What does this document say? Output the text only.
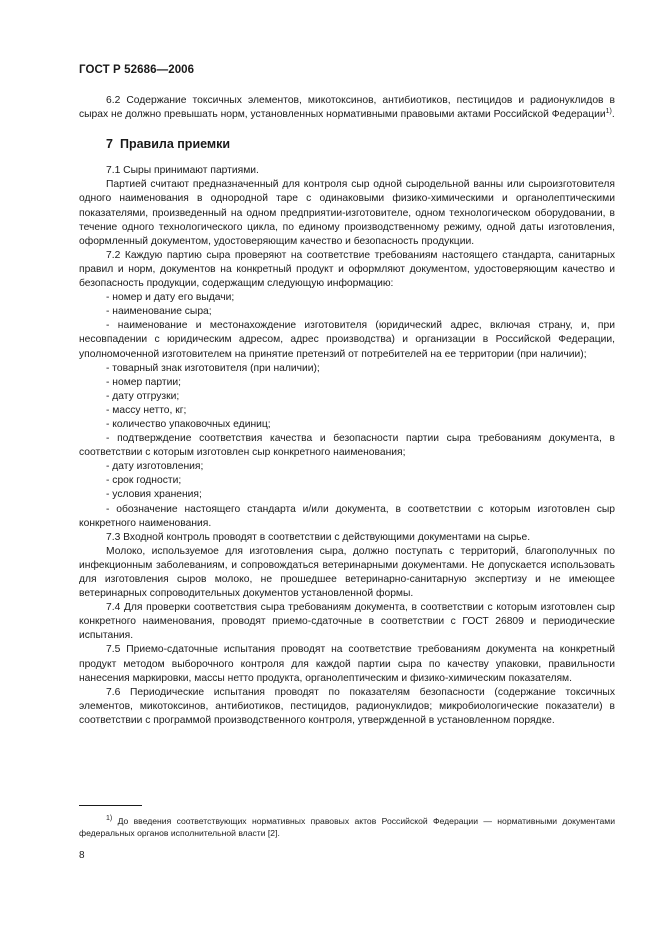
ГОСТ Р 52686—2006

6.2 Содержание токсичных элементов, микотоксинов, антибиотиков, пестицидов и радионуклидов в сырах не должно превышать норм, установленных нормативными правовыми актами Российской Федерации$^{1)}$.

7 Правила приемки

7.1 Сыры принимают партиями.

Партией считают предназначенный для контроля сыр одной сыродельной ванны или сыроизготовителя одного наименования в однородной таре с одинаковыми физико-химическими и органолептическими показателями, произведенный на одном предприятии-изготовителе, одном технологическом оборудовании, в течение одного технологического цикла, по единому производственному режиму, одной даты изготовления, оформленный документом, удостоверяющим качество и безопасность продукции.

7.2 Каждую партию сыра проверяют на соответствие требованиям настоящего стандарта, санитарных правил и норм, документов на конкретный продукт и оформляют документом, удостоверяющим качество и безопасность продукции, содержащим следующую информацию:

- номер и дату его выдачи;

- наименование сыра;

- наименование и местонахождение изготовителя (юридический адрес, включая страну, и, при несовпадении с юридическим адресом, адрес производства) и организации в Российской Федерации, уполномоченной изготовителем на принятие претензий от потребителей на ее территории (при наличии);

- товарный знак изготовителя (при наличии);

- номер партии;

- дату отгрузки;

- массу нетто, кг;

- количество упаковочных единиц;

- подтверждение соответствия качества и безопасности партии сыра требованиям документа, в соответствии с которым изготовлен сыр конкретного наименования;

- дату изготовления;

- срок годности;

- условия хранения;

- обозначение настоящего стандарта и/или документа, в соответствии с которым изготовлен сыр конкретного наименования.

7.3 Входной контроль проводят в соответствии с действующими документами на сырье.

Молоко, используемое для изготовления сыра, должно поступать с территорий, благополучных по инфекционным заболеваниям, и сопровождаться ветеринарными документами. Не допускается использовать для изготовления сыров молоко, не прошедшее ветеринарно-санитарную экспертизу и не имеющее ветеринарных сопроводительных документов установленной формы.

7.4 Для проверки соответствия сыра требованиям документа, в соответствии с которым изготовлен сыр конкретного наименования, проводят приемо-сдаточные в соответствии с ГОСТ 26809 и периодические испытания.

7.5 Приемо-сдаточные испытания проводят на соответствие требованиям документа на конкретный продукт методом выборочного контроля для каждой партии сыра по качеству упаковки, правильности нанесения маркировки, массы нетто продукта, органолептическим и физико-химическим показателям.

7.6 Периодические испытания проводят по показателям безопасности (содержание токсичных элементов, микотоксинов, антибиотиков, пестицидов, радионуклидов; микробиологические показатели) в соответствии с программой производственного контроля, утвержденной в установленном порядке.

$^{1)}$ До введения соответствующих нормативных правовых актов Российской Федерации — нормативными документами федеральных органов исполнительной власти [2].
8
